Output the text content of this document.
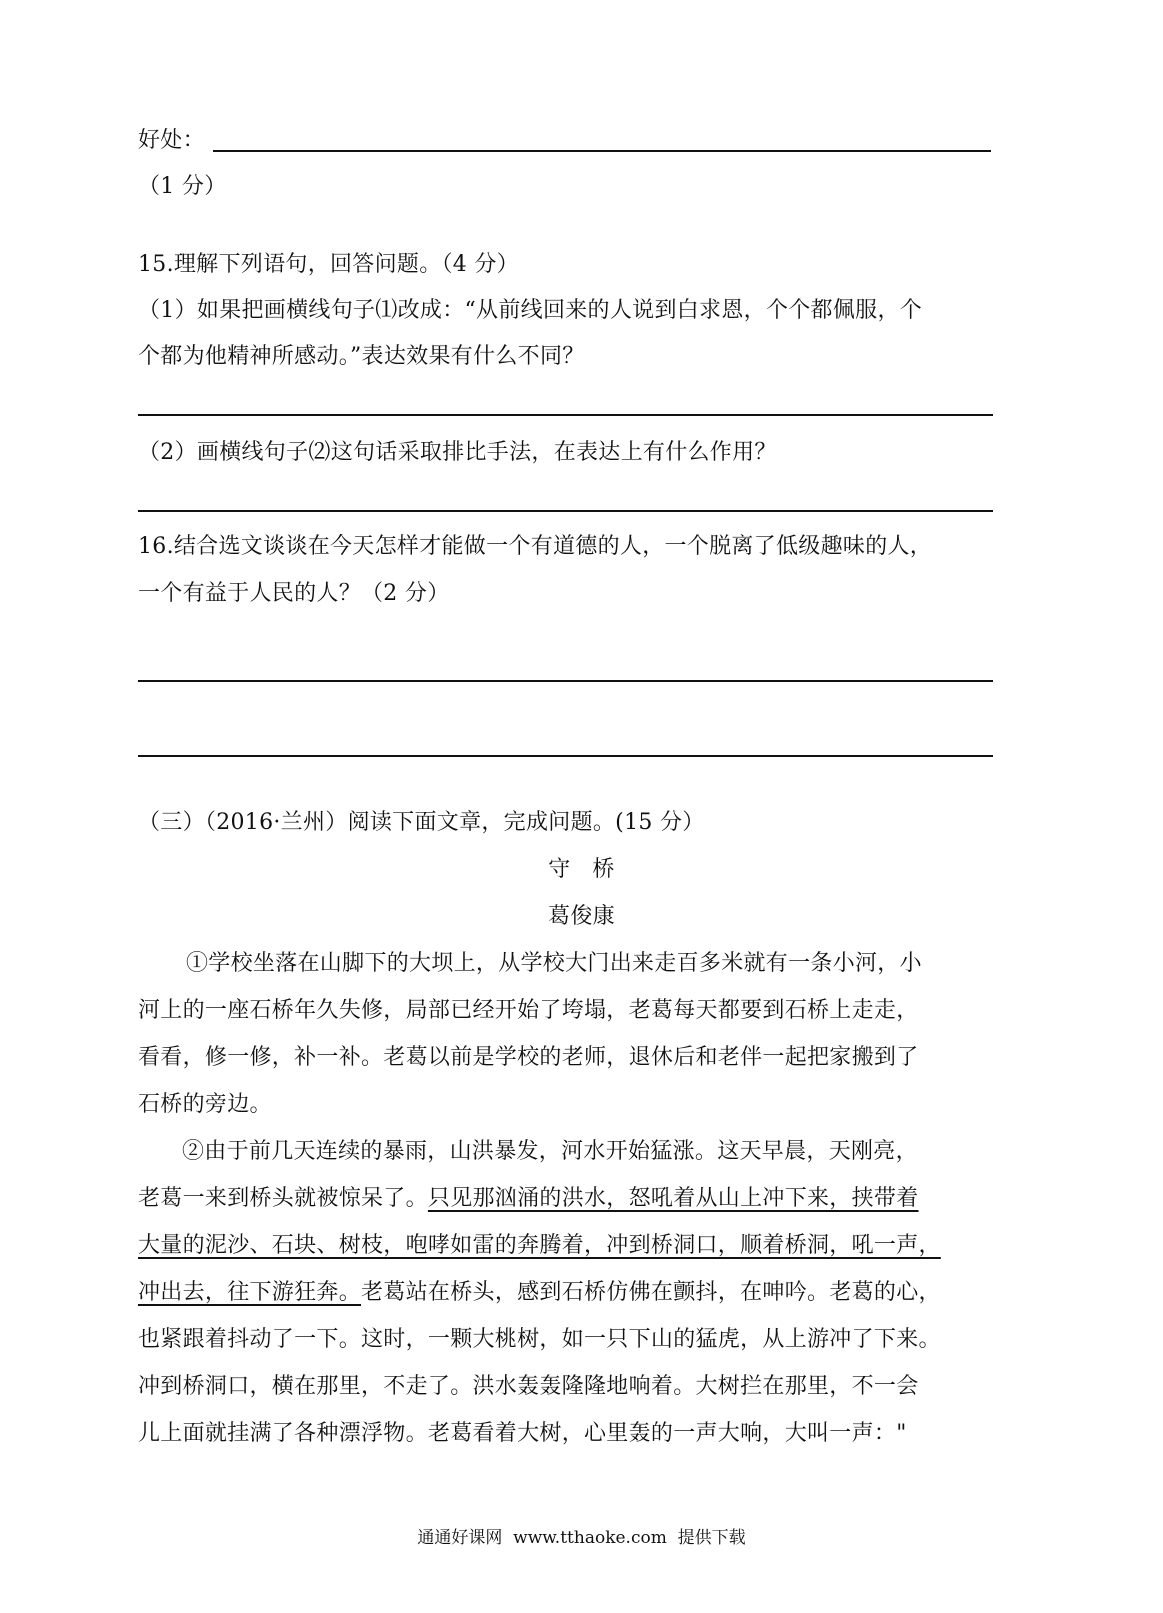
好处：
（1 分）
15.理解下列语句，回答问题。（4 分）
（1）如果把画横线句子⑴改成：“从前线回来的人说到白求恩，个个都佩服，个
个都为他精神所感动。”表达效果有什么不同？
（2）画横线句子⑵这句话采取排比手法，在表达上有什么作用？
16.结合选文谈谈在今天怎样才能做一个有道德的人，一个脱离了低级趣味的人，
一个有益于人民的人？（2 分）
（三）（2016·兰州）阅读下面文章，完成问题。(15 分）
守   桥
葛俊康
①学校坐落在山脚下的大坝上，从学校大门出来走百多米就有一条小河，小
河上的一座石桥年久失修，局部已经开始了垮塌，老葛每天都要到石桥上走走，
看看，修一修，补一补。老葛以前是学校的老师，退休后和老伴一起把家搬到了
石桥的旁边。
②由于前几天连续的暴雨，山洪暴发，河水开始猛涨。这天早晨，天刚亮，
老葛一来到桥头就被惊呆了。只见那汹涌的洪水，怒吼着从山上冲下来，挟带着
大量的泥沙、石块、树枝，咆哮如雷的奔腾着，冲到桥洞口，顺着桥洞，吼一声，
冲出去，往下游狂奔。老葛站在桥头，感到石桥仿佛在颤抖，在呻吟。老葛的心，
也紧跟着抖动了一下。这时，一颗大桃树，如一只下山的猛虎，从上游冲了下来。
冲到桥洞口，横在那里，不走了。洪水轰轰隆隆地响着。大树拦在那里，不一会
儿上面就挂满了各种漂浮物。老葛看着大树，心里轰的一声大响，大叫一声："
通通好课网  www.tthaoke.com  提供下载
